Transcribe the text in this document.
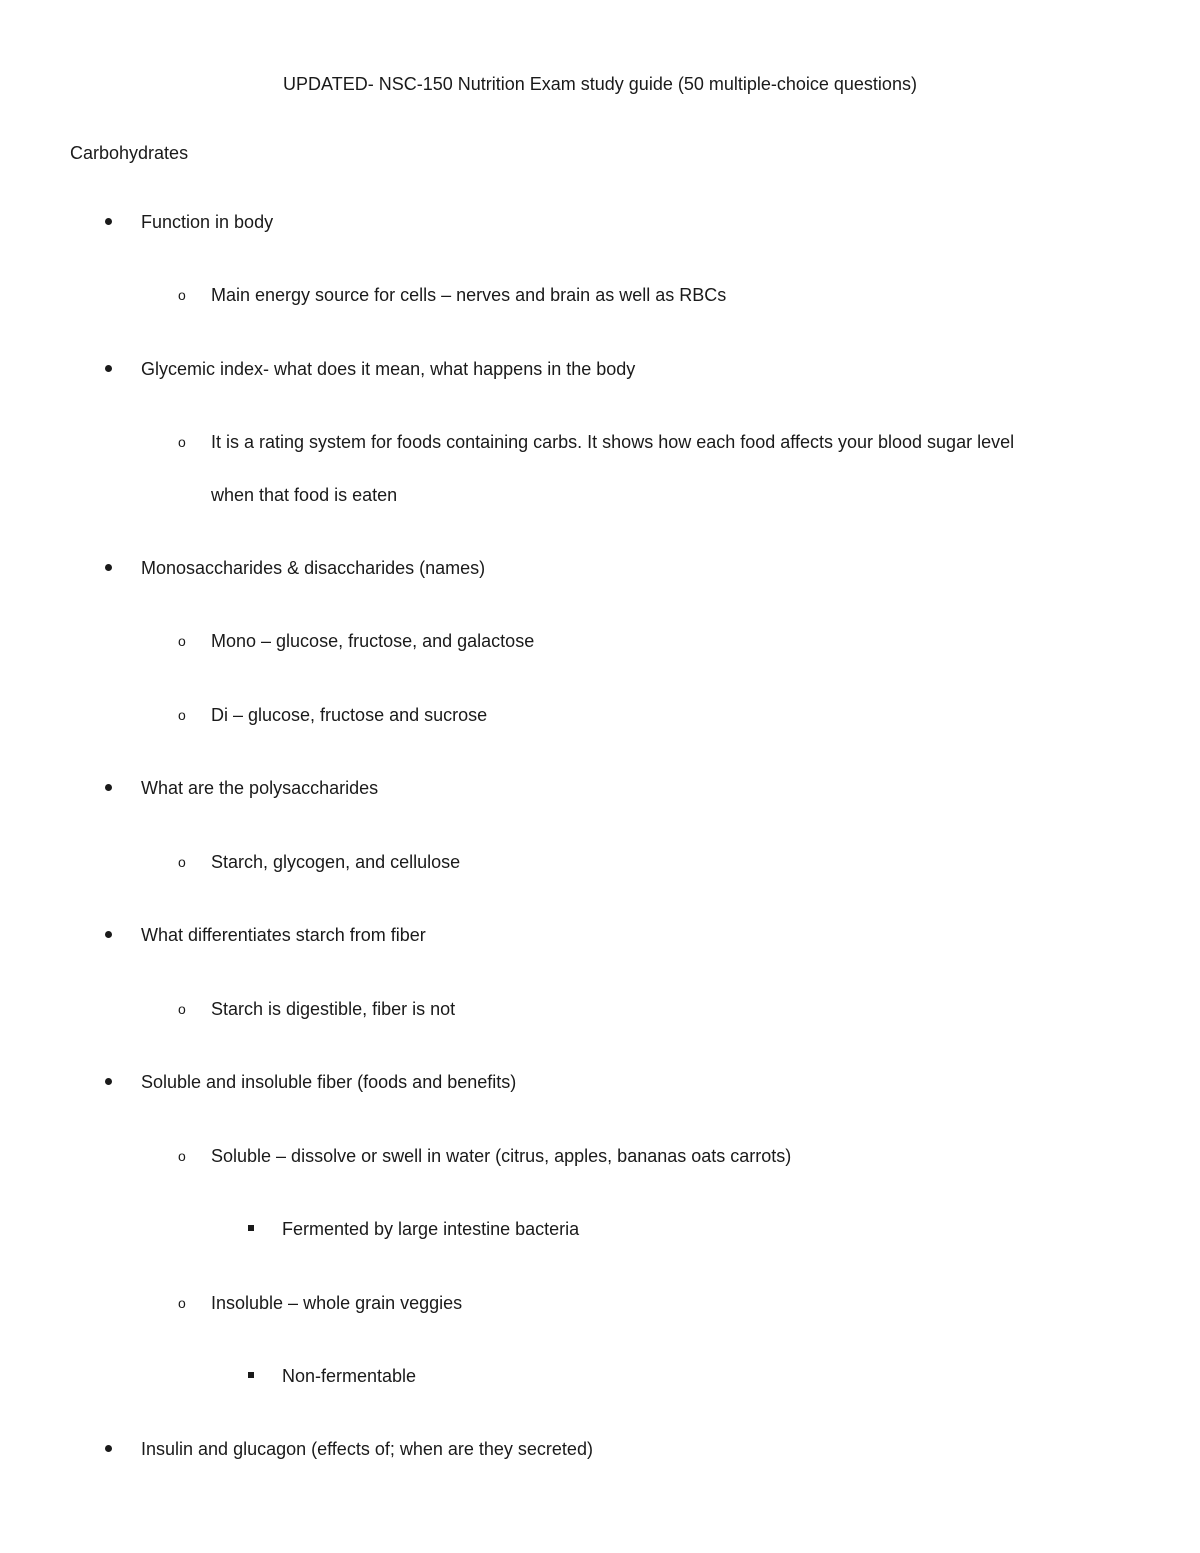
UPDATED- NSC-150 Nutrition Exam study guide (50 multiple-choice questions)
Carbohydrates
Function in body
o Main energy source for cells – nerves and brain as well as RBCs
Glycemic index- what does it mean, what happens in the body
o It is a rating system for foods containing carbs. It shows how each food affects your blood sugar level
when that food is eaten
Monosaccharides & disaccharides (names)
o Mono – glucose, fructose, and galactose
o Di – glucose, fructose and sucrose
What are the polysaccharides
o Starch, glycogen, and cellulose
What differentiates starch from fiber
o Starch is digestible, fiber is not
Soluble and insoluble fiber (foods and benefits)
o Soluble – dissolve or swell in water (citrus, apples, bananas oats carrots)
Fermented by large intestine bacteria
o Insoluble – whole grain veggies
Non-fermentable
Insulin and glucagon (effects of; when are they secreted)
